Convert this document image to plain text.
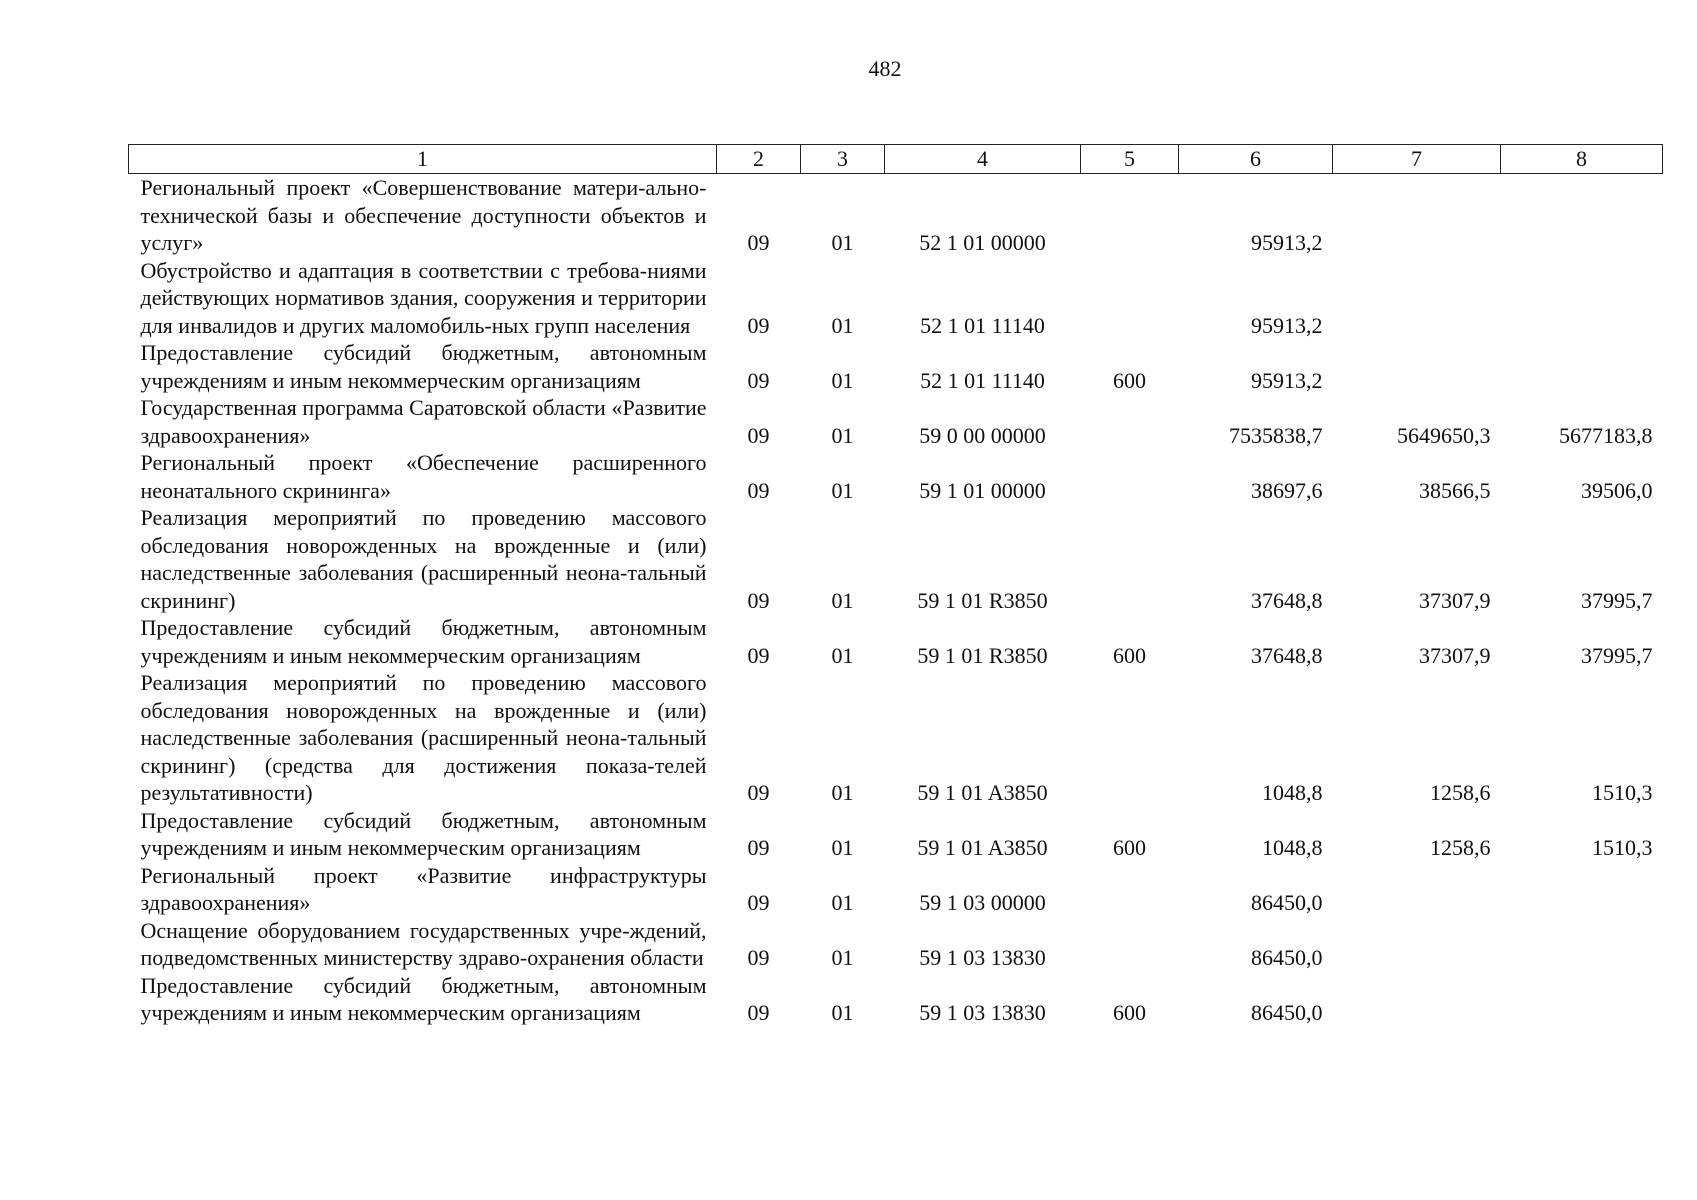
482
1	2	3	4	5	6	7	8
Региональный проект «Совершенствование матери-ально-технической базы и обеспечение доступности объектов и услуг»	09	01	52 1 01 00000		95913,2		
Обустройство и адаптация в соответствии с требова-ниями действующих нормативов здания, сооружения и территории для инвалидов и других маломобиль-ных групп населения	09	01	52 1 01 11140		95913,2		
Предоставление субсидий бюджетным, автономным учреждениям и иным некоммерческим организациям	09	01	52 1 01 11140	600	95913,2		
Государственная программа Саратовской области «Развитие здравоохранения»	09	01	59 0 00 00000		7535838,7	5649650,3	5677183,8
Региональный проект «Обеспечение расширенного неонатального скрининга»	09	01	59 1 01 00000		38697,6	38566,5	39506,0
Реализация мероприятий по проведению массового обследования новорожденных на врожденные и (или) наследственные заболевания (расширенный неона-тальный скрининг)	09	01	59 1 01 R3850		37648,8	37307,9	37995,7
Предоставление субсидий бюджетным, автономным учреждениям и иным некоммерческим организациям	09	01	59 1 01 R3850	600	37648,8	37307,9	37995,7
Реализация мероприятий по проведению массового обследования новорожденных на врожденные и (или) наследственные заболевания (расширенный неона-тальный скрининг) (средства для достижения показа-телей результативности)	09	01	59 1 01 A3850		1048,8	1258,6	1510,3
Предоставление субсидий бюджетным, автономным учреждениям и иным некоммерческим организациям	09	01	59 1 01 A3850	600	1048,8	1258,6	1510,3
Региональный проект «Развитие инфраструктуры здравоохранения»	09	01	59 1 03 00000		86450,0		
Оснащение оборудованием государственных учре-ждений, подведомственных министерству здраво-охранения области	09	01	59 1 03 13830		86450,0		
Предоставление субсидий бюджетным, автономным учреждениям и иным некоммерческим организациям	09	01	59 1 03 13830	600	86450,0		
